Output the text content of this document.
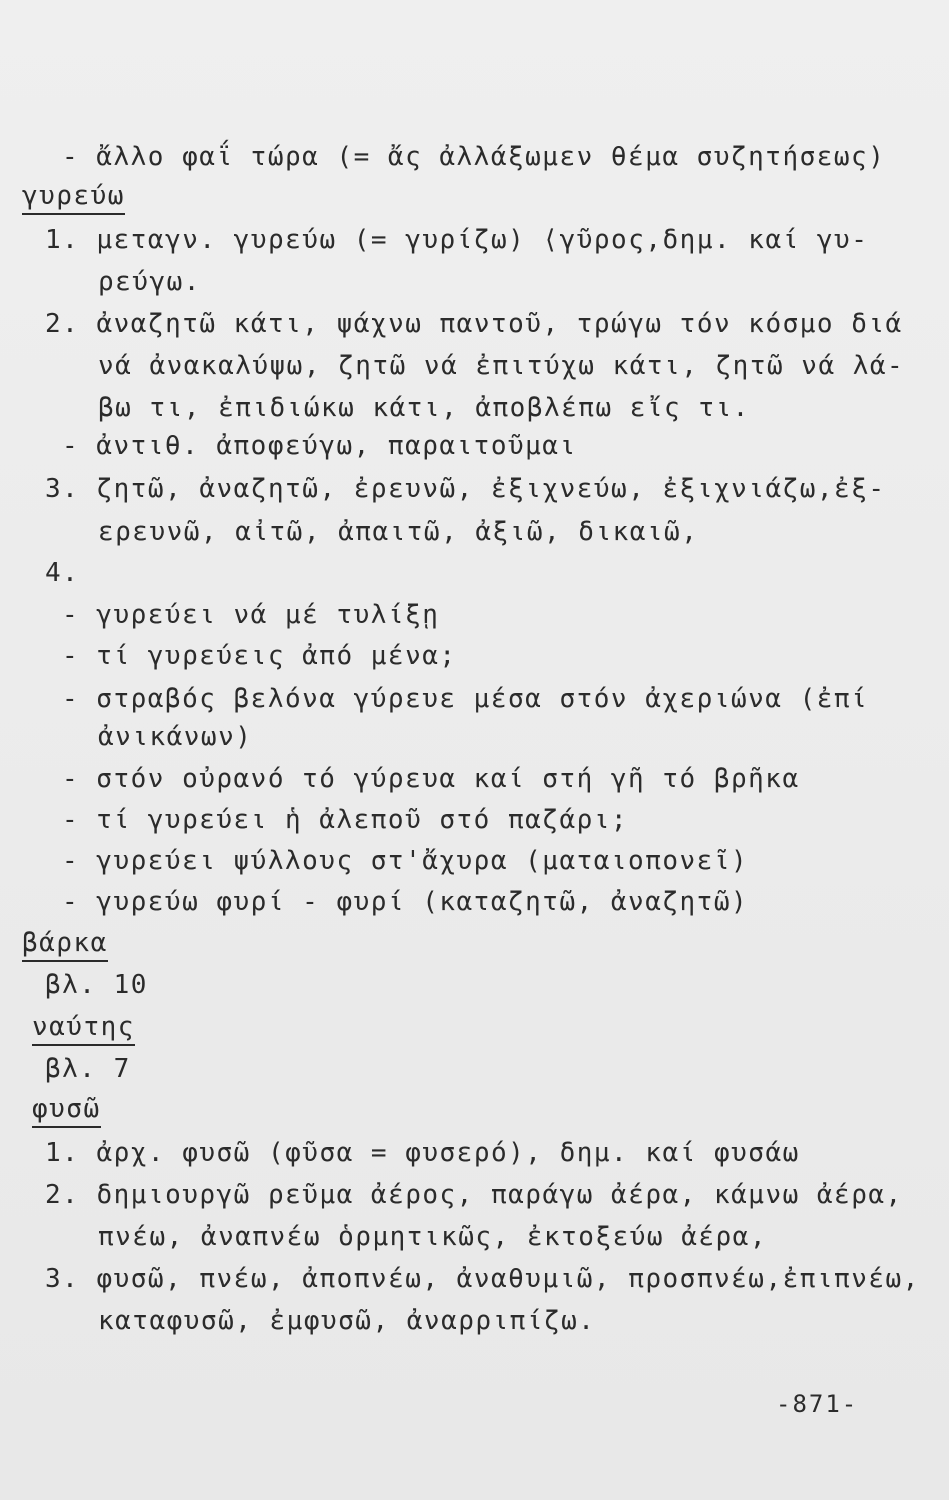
- ἄλλο φαΐ τώρα (= ἄς ἀλλάξωμεν θέμα συζητήσεως)
γυρεύω
1. μεταγν. γυρεύω (= γυρίζω) ⟨γῦρος,δημ. καί γυ-
ρεύγω.
2. ἀναζητῶ κάτι, ψάχνω παντοῦ, τρώγω τόν κόσμο διά
νά ἀνακαλύψω, ζητῶ νά ἐπιτύχω κάτι, ζητῶ νά λά-
βω τι, ἐπιδιώκω κάτι, ἀποβλέπω εἴς τι.
- ἀντιθ. ἀποφεύγω, παραιτοῦμαι
3. ζητῶ, ἀναζητῶ, ἐρευνῶ, ἐξιχνεύω, ἐξιχνιάζω,ἐξ-
ερευνῶ, αἰτῶ, ἀπαιτῶ, ἀξιῶ, δικαιῶ,
4.
- γυρεύει νά μέ τυλίξῃ
- τί γυρεύεις ἀπό μένα;
- στραβός βελόνα γύρευε μέσα στόν ἀχεριώνα (ἐπί
ἀνικάνων)
- στόν οὐρανό τό γύρευα καί στή γῆ τό βρῆκα
- τί γυρεύει ἡ ἀλεποῦ στό παζάρι;
- γυρεύει ψύλλους στ'ἄχυρα (ματαιοπονεῖ)
- γυρεύω φυρί - φυρί (καταζητῶ, ἀναζητῶ)
βάρκα
βλ. 10
ναύτης
βλ. 7
φυσῶ
1. ἀρχ. φυσῶ (φῦσα = φυσερό), δημ. καί φυσάω
2. δημιουργῶ ρεῦμα ἀέρος, παράγω ἀέρα, κάμνω ἀέρα,
πνέω, ἀναπνέω ὁρμητικῶς, ἐκτοξεύω ἀέρα,
3. φυσῶ, πνέω, ἀποπνέω, ἀναθυμιῶ, προσπνέω,ἐπιπνέω,
καταφυσῶ, ἐμφυσῶ, ἀναρριπίζω.
-871-
